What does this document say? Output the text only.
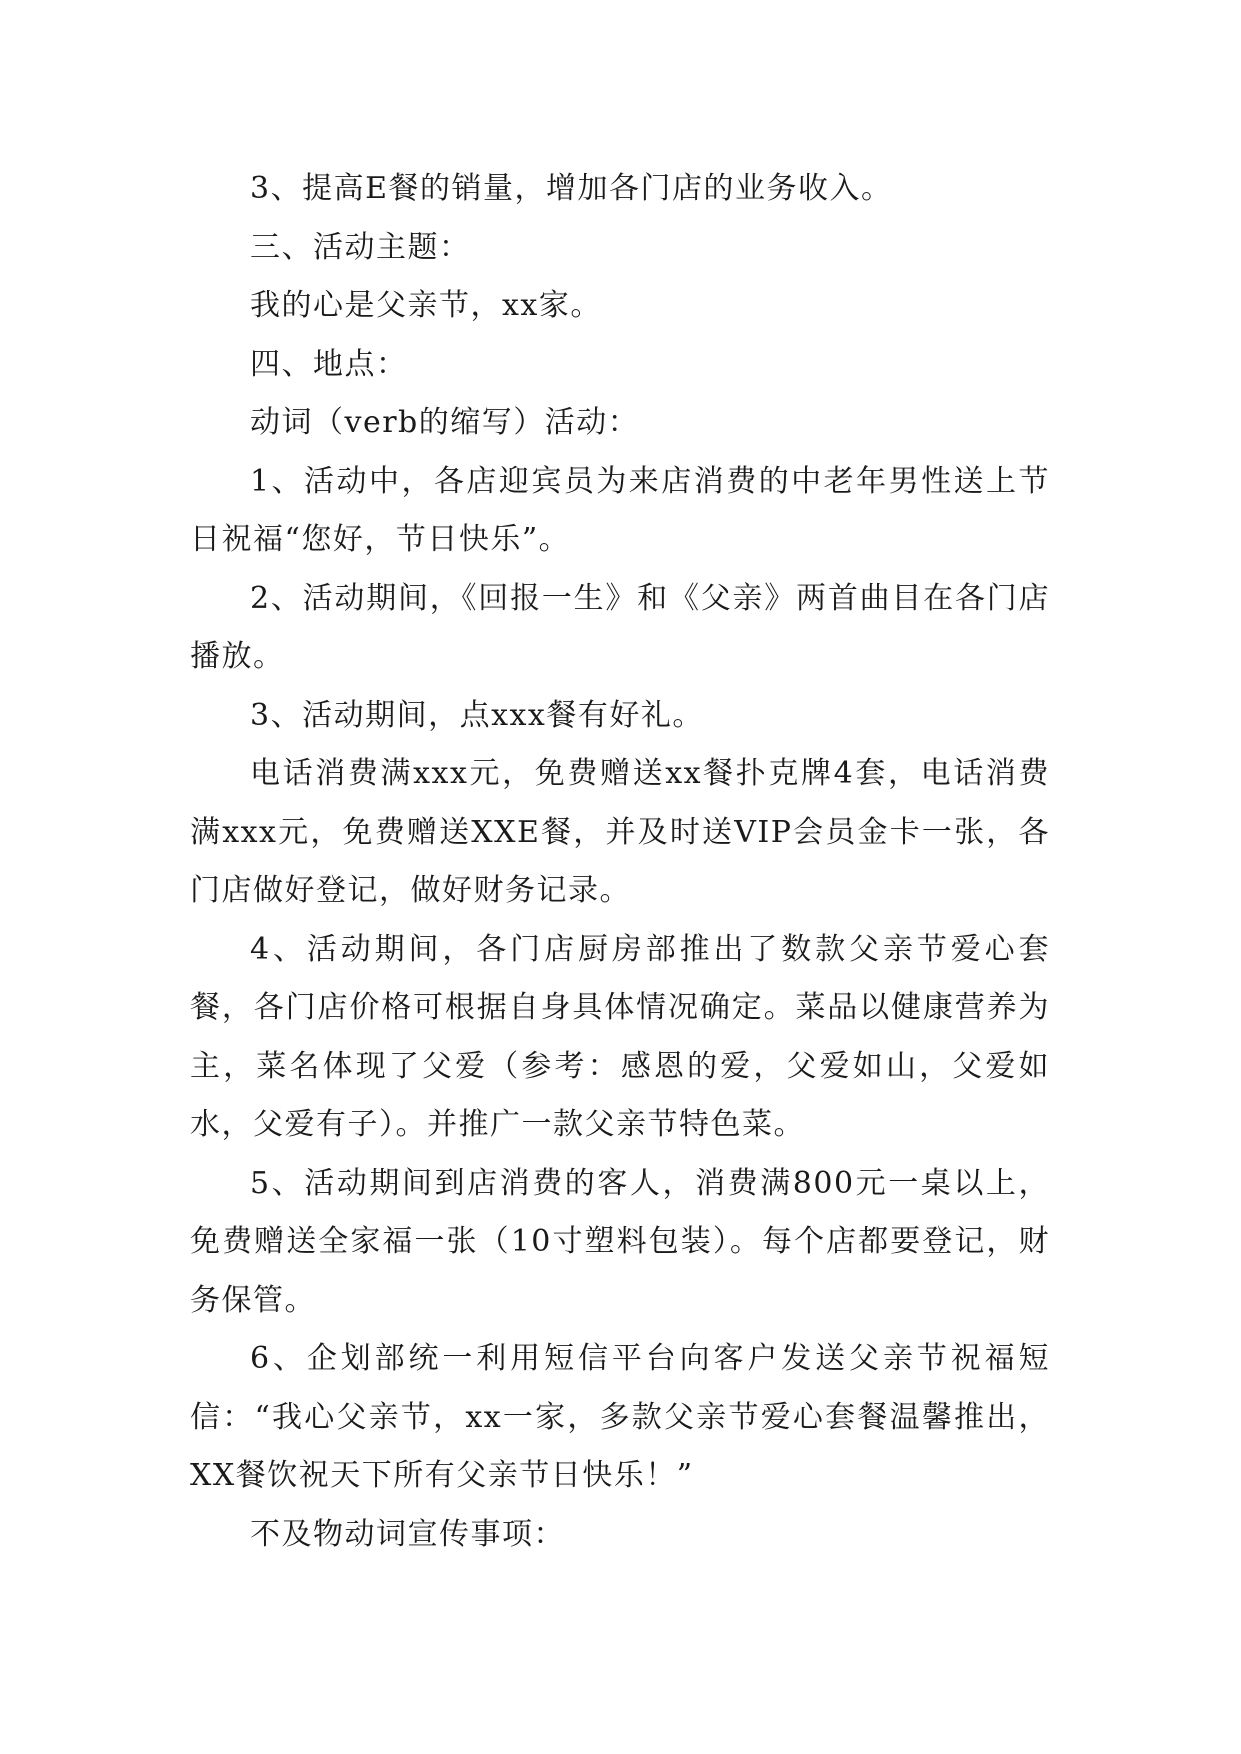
3、提高E餐的销量，增加各门店的业务收入。

三、活动主题：

我的心是父亲节，xx家。

四、地点：

动词（verb的缩写）活动：

1、活动中，各店迎宾员为来店消费的中老年男性送上节日祝福“您好，节日快乐”。

2、活动期间，《回报一生》和《父亲》两首曲目在各门店播放。

3、活动期间，点xxx餐有好礼。

电话消费满xxx元，免费赠送xx餐扑克牌4套，电话消费满xxx元，免费赠送XXE餐，并及时送VIP会员金卡一张，各门店做好登记，做好财务记录。

4、活动期间，各门店厨房部推出了数款父亲节爱心套餐，各门店价格可根据自身具体情况确定。菜品以健康营养为主，菜名体现了父爱（参考：感恩的爱，父爱如山，父爱如水，父爱有子）。并推广一款父亲节特色菜。

5、活动期间到店消费的客人，消费满800元一桌以上，免费赠送全家福一张（10寸塑料包装）。每个店都要登记，财务保管。

6、企划部统一利用短信平台向客户发送父亲节祝福短信：“我心父亲节，xx一家，多款父亲节爱心套餐温馨推出，XX餐饮祝天下所有父亲节日快乐！”

不及物动词宣传事项：
